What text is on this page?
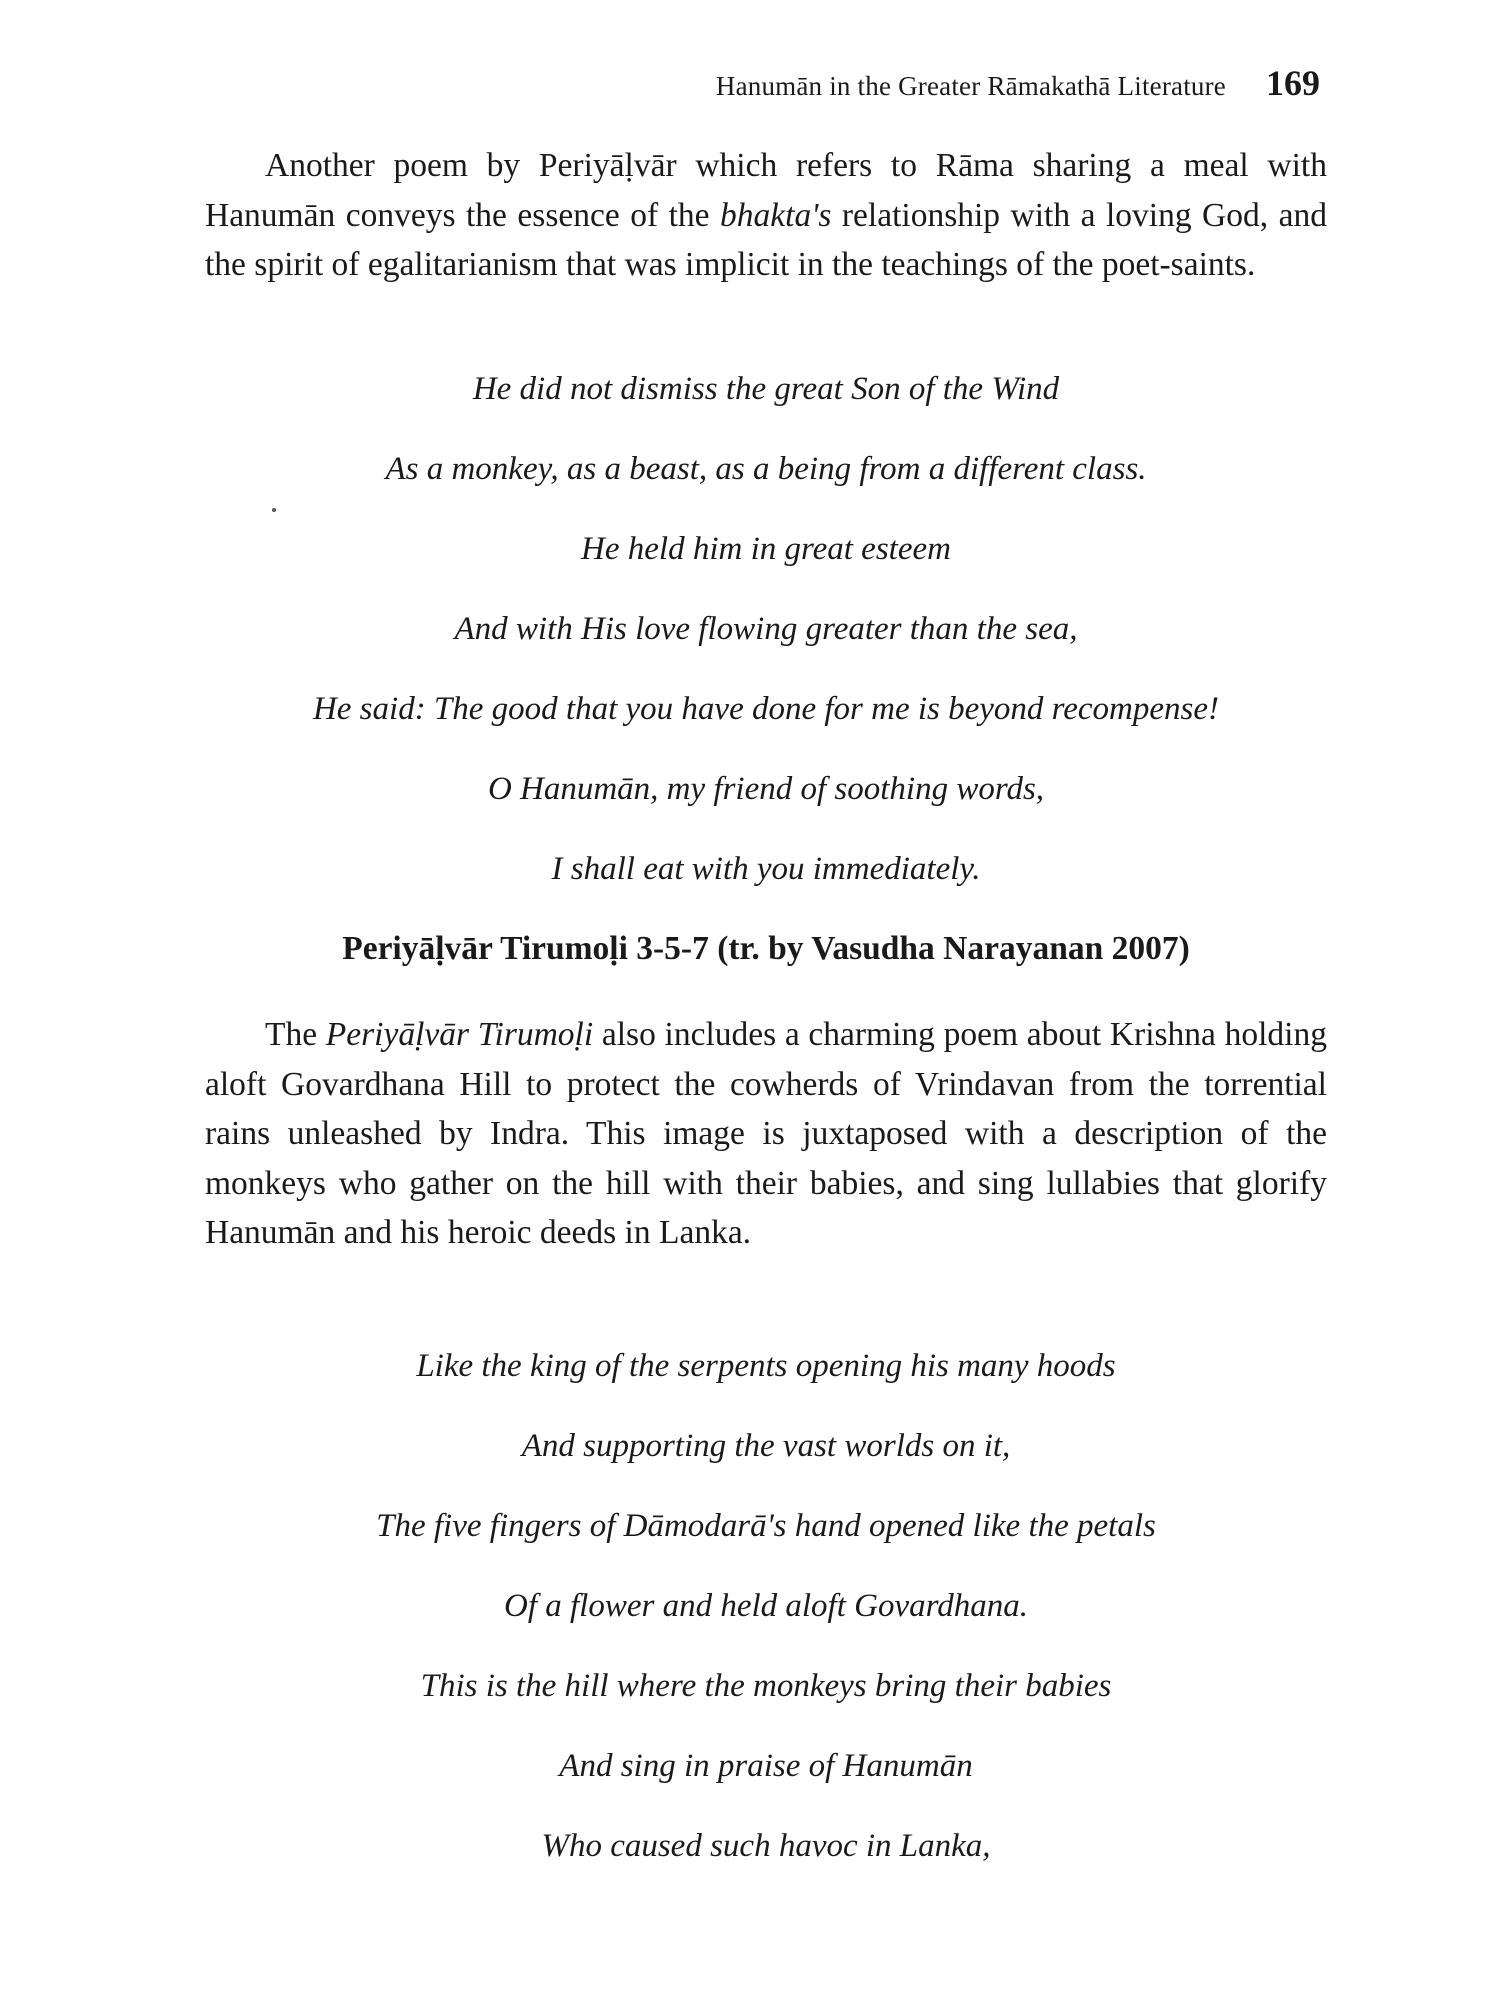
Hanumān in the Greater Rāmakathā Literature 169

Another poem by Periyāḷvār which refers to Rāma sharing a meal with Hanumān conveys the essence of the bhakta's relationship with a loving God, and the spirit of egalitarianism that was implicit in the teachings of the poet-saints.

He did not dismiss the great Son of the Wind
As a monkey, as a beast, as a being from a different class.
He held him in great esteem
And with His love flowing greater than the sea,
He said: The good that you have done for me is beyond recompense!
O Hanumān, my friend of soothing words,
I shall eat with you immediately.

Periyāḷvār Tirumoḷi 3-5-7 (tr. by Vasudha Narayanan 2007)

The Periyāḷvār Tirumoḷi also includes a charming poem about Krishna holding aloft Govardhana Hill to protect the cowherds of Vrindavan from the torrential rains unleashed by Indra. This image is juxtaposed with a description of the monkeys who gather on the hill with their babies, and sing lullabies that glorify Hanumān and his heroic deeds in Lanka.

Like the king of the serpents opening his many hoods
And supporting the vast worlds on it,
The five fingers of Dāmodarā's hand opened like the petals
Of a flower and held aloft Govardhana.
This is the hill where the monkeys bring their babies
And sing in praise of Hanumān
Who caused such havoc in Lanka,
